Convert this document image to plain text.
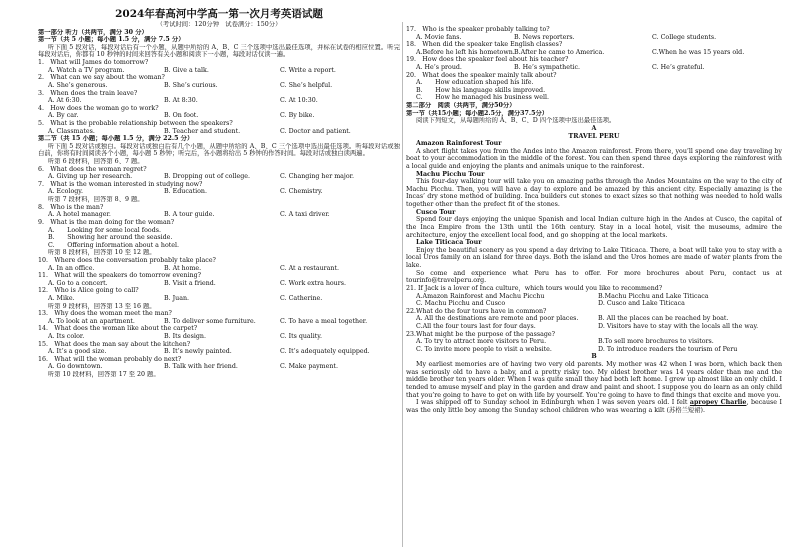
2024年春高河中学高一第一次月考英语试题
（考试时间：120分钟　试卷满分：150分）
第一部分 听力（共两节，满分 30 分）
第一节（共 5 小题；每小题 1.5 分，满分 7.5 分）
听下面 5 段对话，每段对话后有一个小题，从题中所给的 A、B、C 三个选项中选出最佳选项，并标在试卷的相应位置。听完每段对话后，你都有 10 秒钟的时间来回答有关小题和阅读下一小题，每段对话仅读一遍。
1.　What will James do tomorrow?
A. Watch a TV program.	B. Give a talk.	C. Write a report.
2.　What can we say about the woman?
A. She’s generous.	B. She’s curious.	C. She’s helpful.
3.　When does the train leave?
A. At 6:30.	B. At 8:30.	C. At 10:30.
4.　How does the woman go to work?
A. By car.	B. On foot.	C. By bike.
5.　What is the probable relationship between the speakers?
A. Classmates.	B. Teacher and student.	C. Doctor and patient.
第二节（共 15 小题；每小题 1.5 分，满分 22.5 分）
听下面 5 段对话或独白。每段对话或独白后有几个小题，从题中所给的 A、B、C 三个选项中选出最佳选项。听每段对话或独白前，你将有时间阅读各个小题，每小题 5 秒钟；听完后，各小题将给出 5 秒钟的作答时间。每段对话或独白读两遍。
听第 6 段材料，回答第 6、7 题。
6.　What does the woman regret?
A. Giving up her research.	B. Dropping out of college.	C. Changing her major.
7.　What is the woman interested in studying now?
A. Ecology.	B. Education.	C. Chemistry.
听第 7 段材料，回答第 8、9 题。
8.　Who is the man?
A. A hotel manager.	B. A tour guide.	C. A taxi driver.
9.　What is the man doing for the woman?
A.　　Looking for some local foods.
B.　　Showing her around the seaside.
C.　　Offering information about a hotel.
听第 8 段材料，回答第 10 至 12 题。
10.　Where does the conversation probably take place?
A. In an office.	B. At home.	C. At a restaurant.
11.　What will the speakers do tomorrow evening?
A. Go to a concert.	B. Visit a friend.	C. Work extra hours.
12.　Who is Alice going to call?
A. Mike.	B. Juan.	C. Catherine.
听第 9 段材料，回答第 13 至 16 题。
13.　Why does the woman meet the man?
A. To look at an apartment.	B. To deliver some furniture.	C. To have a meal together.
14.　What does the woman like about the carpet?
A. Its color.	B. Its design.	C. Its quality.
15.　What does the man say about the kitchen?
A. It’s a good size.	B. It’s newly painted.	C. It’s adequately equipped.
16.　What will the woman probably do next?
A. Go downtown.	B. Talk with her friend.	C. Make payment.
听第 10 段材料，回答第 17 至 20 题。
17.　Who is the speaker probably talking to?
A. Movie fans.	B. News reporters.	C. College students.
18.　When did the speaker take English classes?
A.Before he left his hometown. B.After he came to America.	C.When he was 15 years old.
19.　How does the speaker feel about his teacher?
A. He’s proud.	B. He’s sympathetic.	C. He’s grateful.
20.　What does the speaker mainly talk about?
A.　　How education shaped his life.
B.　　How his language skills improved.
C.　　How he managed his business well.
第二部分　阅读（共两节，满分50分）
第一节（共15小题；每小题2.5分，满分37.5分）
阅读下列短文，从每题所给的 A、B、C、D 四个选项中选出最佳选项。
A
TRAVEL PERU
Amazon Rainforest Tour
A short flight takes you from the Andes into the Amazon rainforest. From there, you’ll spend one day traveling by boat to your accommodation in the middle of the forest. You can then spend three days exploring the rainforest with a local guide and enjoying the plants and animals unique to the rainforest.
Machu Picchu Tour
This four-day walking tour will take you on amazing paths through the Andes Mountains on the way to the city of Machu Picchu. Then, you will have a day to explore and be amazed by this ancient city. Especially amazing is the Incas’ dry stone method of building. Inca builders cut stones to exact sizes so that nothing was needed to hold walls together other than the prefect fit of the stones.
Cusco Tour
Spend four days enjoying the unique Spanish and local Indian culture high in the Andes at Cusco, the capital of the Inca Empire from the 13th until the 16th century. Stay in a local hotel, visit the museums, admire the architecture, enjoy the excellent local food, and go shopping at the local markets.
Lake Titicaca Tour
Enjoy the beautiful scenery as you spend a day driving to Lake Titicaca. There, a boat will take you to stay with a local Uros family on an island for three days. Both the island and the Uros homes are made of water plants from the lake.
So come and experience what Peru has to offer. For more brochures about Peru, contact us at tourinfo@travelperu.org.
21. If Jack is a lover of Inca culture，which tours would you like to recommend?
A.Amazon Rainforest and Machu Picchu	B.Machu Picchu and Lake Titicaca
C. Machu Picchu and Cusco	D. Cusco and Lake Titicaca
22.What do the four tours have in common?
A. All the destinations are remote and poor places.	B. All the places can be reached by boat.
C.All the four tours last for four days.	D. Visitors have to stay with the locals all the way.
23.What might be the purpose of the passage?
A. To try to attract more visitors to Peru.	B.To sell more brochures to visitors.
C. To invite more people to visit a website.	D. To introduce readers the tourism of Peru
B
My earliest memories are of having two very old parents. My mother was 42 when I was born, which back then was seriously old to have a baby, and a pretty risky too. My oldest brother was 14 years older than me and the middle brother ten years older. When I was quite small they had both left home. I grew up almost like an only child. I tended to amuse myself and play in the garden and draw and paint and shoot. I suppose you do learn as an only child that you’re going to have to get on with life by yourself. You’re going to have to find things that excite and move you.
I was shipped off to Sunday school in Edinburgh when I was seven years old. I felt apropey Charlie, because I was the only little boy among the Sunday school children who was wearing a kilt (苏格兰短裙).
